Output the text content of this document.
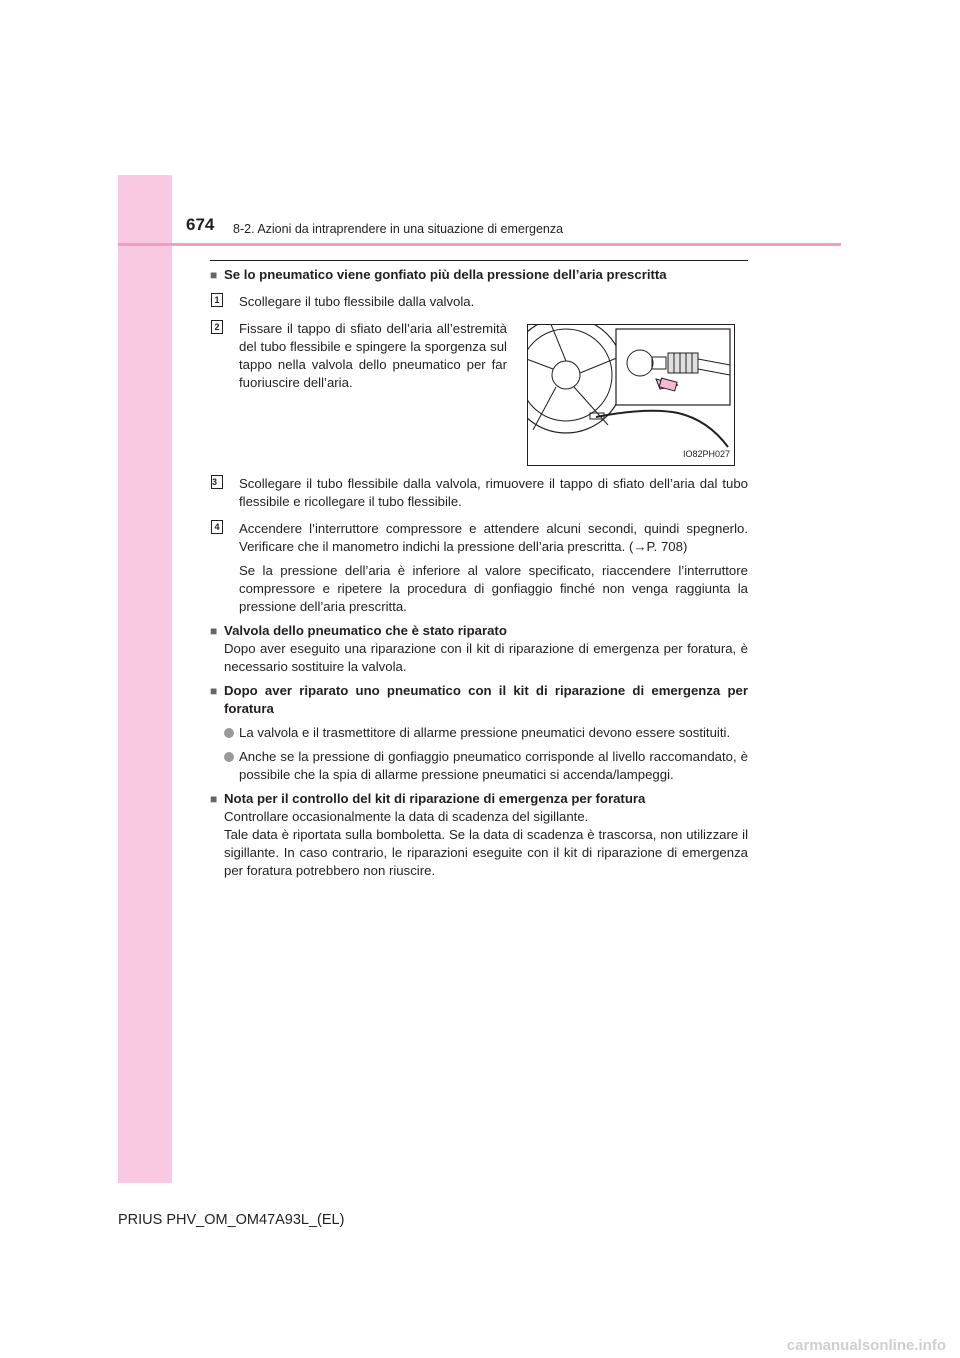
674 8-2. Azioni da intraprendere in una situazione di emergenza

■ Se lo pneumatico viene gonfiato più della pressione dell’aria prescritta

1 Scollegare il tubo flessibile dalla valvola.
2 Fissare il tappo di sfiato dell’aria all’estremità del tubo flessibile e spingere la sporgenza sul tappo nella valvola dello pneumatico per far fuoriuscire dell’aria.
IO82PH027
3	Scollegare il tubo flessibile dalla valvola, rimuovere il tappo di sfiato dell’aria dal tubo flessibile e ricollegare il tubo flessibile.
4 Accendere l’interruttore compressore e attendere alcuni secondi, quindi spegnerlo. Verificare che il manometro indichi la pressione dell’aria prescritta. (→P. 708)
Se la pressione dell’aria è inferiore al valore specificato, riaccendere l’interruttore compressore e ripetere la procedura di gonfiaggio finché non venga raggiunta la pressione dell’aria prescritta.

■ Valvola dello pneumatico che è stato riparato

Dopo aver eseguito una riparazione con il kit di riparazione di emergenza per foratura, è necessario sostituire la valvola.

■ Dopo aver riparato uno pneumatico con il kit di riparazione di emergenza per foratura

La valvola e il trasmettitore di allarme pressione pneumatici devono essere sostituiti.
Anche se la pressione di gonfiaggio pneumatico corrisponde al livello raccomandato, è possibile che la spia di allarme pressione pneumatici si accenda/lampeggi.

■ Nota per il controllo del kit di riparazione di emergenza per foratura

Controllare occasionalmente la data di scadenza del sigillante.
Tale data è riportata sulla bomboletta. Se la data di scadenza è trascorsa, non utilizzare il sigillante. In caso contrario, le riparazioni eseguite con il kit di riparazione di emergenza per foratura potrebbero non riuscire.
PRIUS PHV_OM_OM47A93L_(EL)
carmanualsonline.info
